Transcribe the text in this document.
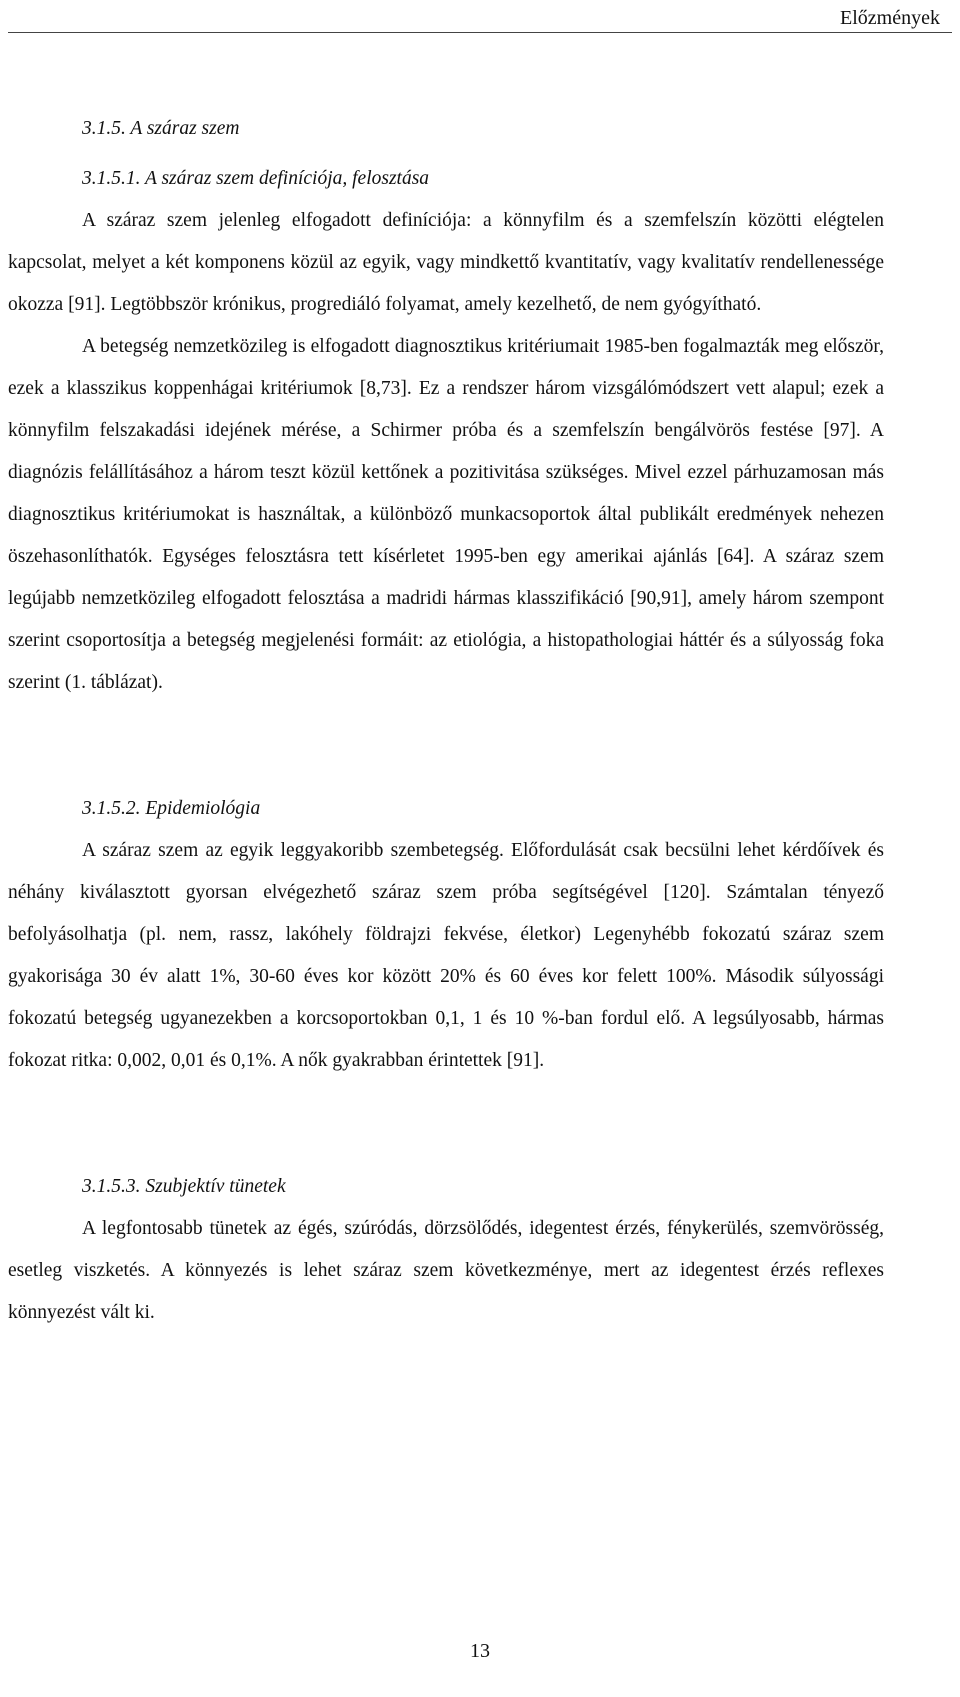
Előzmények
3.1.5. A száraz szem
3.1.5.1. A száraz szem definíciója, felosztása

A száraz szem jelenleg elfogadott definíciója: a könnyfilm és a szemfelszín közötti elégtelen kapcsolat, melyet a két komponens közül az egyik, vagy mindkettő kvantitatív, vagy kvalitatív rendellenessége okozza [91]. Legtöbbször krónikus, progrediáló folyamat, amely kezelhető, de nem gyógyítható.

A betegség nemzetközileg is elfogadott diagnosztikus kritériumait 1985-ben fogalmazták meg először, ezek a klasszikus koppenhágai kritériumok [8,73]. Ez a rendszer három vizsgálómódszert vett alapul; ezek a könnyfilm felszakadási idejének mérése, a Schirmer próba és a szemfelszín bengálvörös festése [97]. A diagnózis felállításához a három teszt közül kettőnek a pozitivitása szükséges. Mivel ezzel párhuzamosan más diagnosztikus kritériumokat is használtak, a különböző munkacsoportok által publikált eredmények nehezen öszehasonlíthatók. Egységes felosztásra tett kísérletet 1995-ben egy amerikai ajánlás [64]. A száraz szem legújabb nemzetközileg elfogadott felosztása a madridi hármas klasszifikáció [90,91], amely három szempont szerint csoportosítja a betegség megjelenési formáit: az etiológia, a histopathologiai háttér és a súlyosság foka szerint (1. táblázat).

3.1.5.2. Epidemiológia

A száraz szem az egyik leggyakoribb szembetegség. Előfordulását csak becsülni lehet kérdőívek és néhány kiválasztott gyorsan elvégezhető száraz szem próba segítségével [120]. Számtalan tényező befolyásolhatja (pl. nem, rassz, lakóhely földrajzi fekvése, életkor) Legenyhébb fokozatú száraz szem gyakorisága 30 év alatt 1%, 30-60 éves kor között 20% és 60 éves kor felett 100%. Második súlyossági fokozatú betegség ugyanezekben a korcsoportokban 0,1, 1 és 10 %-ban fordul elő. A legsúlyosabb, hármas fokozat ritka: 0,002, 0,01 és 0,1%. A nők gyakrabban érintettek [91].

3.1.5.3. Szubjektív tünetek

A legfontosabb tünetek az égés, szúródás, dörzsölődés, idegentest érzés, fénykerülés, szemvörösség, esetleg viszketés. A könnyezés is lehet száraz szem következménye, mert az idegentest érzés reflexes könnyezést vált ki.

13
